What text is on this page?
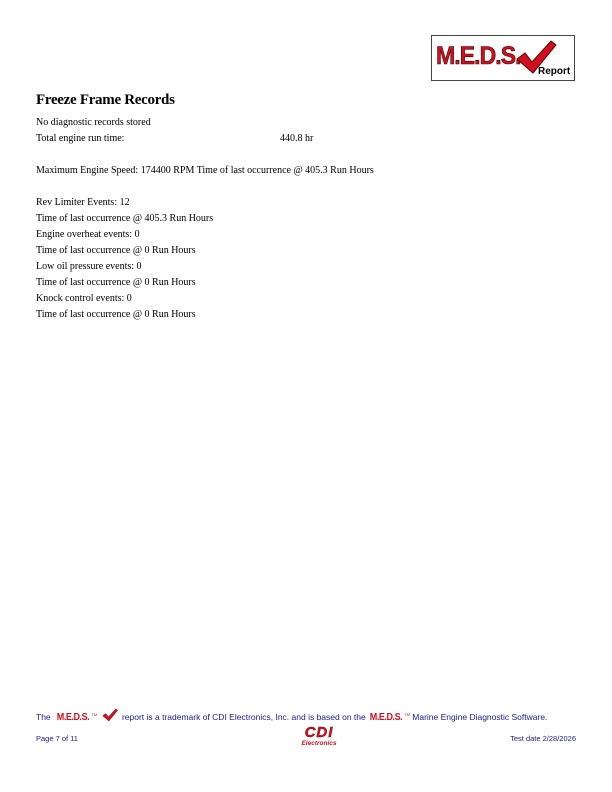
M.E.D.S.
Report
Freeze Frame Records
No diagnostic records stored
Total engine run time:	440.8 hr
Maximum Engine Speed: 174400 RPM Time of last occurrence @ 405.3 Run Hours
Rev Limiter Events: 12
Time of last occurrence @ 405.3 Run Hours
Engine overheat events: 0
Time of last occurrence @ 0 Run Hours
Low oil pressure events: 0
Time of last occurrence @ 0 Run Hours
Knock control events: 0
Time of last occurrence @ 0 Run Hours
The M.E.D.S. ™	report is a trademark of CDI Electronics, Inc. and is based on the M.E.D.S. ™ Marine Engine Diagnostic Software.
Page 7 of 11	CDI
Electronics
Test date 2/28/2026
